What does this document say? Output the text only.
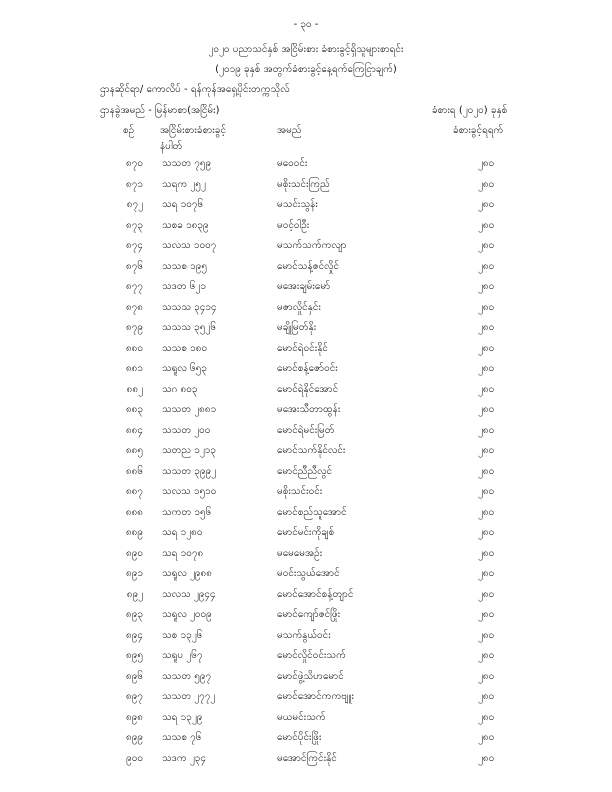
- ၃၀ -
၂၀၂၀ ပညာသင်နှစ် အငြိမ်းစား ခံစားခွင့်ရှိသူများစာရင်း
(၂၀၁၉ ခုနှစ် အတွက်ခံစားခွင့်နေ့ရက်ကြေငြာချက်)
ဌာနဆိုင်ရာ/ ကောလိပ် - ရန်ကုန်အရှေ့ပိုင်းတက္ကသိုလ်
ဌာနခွဲအမည် - မြန်မာစာ(အငြိမ်း)	ခံစားရ (၂၀၂၀) ခုနှစ်
စဉ်	အငြိမ်းစားခံစားခွင့်
နံပါတ်
အမည်	ခံစားခွင့်ရရက်
၈၇၀ သသတ ၇၅၉	မဝေဝင်း	၂၈၀
၈၇၁ သရက ၂၅၂	မစိုးသင်းကြည်	၂၈၀
၈၇၂ သရ ၁၀၇၆	မသင်းသွန်း	၂၈၀
၈၇၃ သစခ ၁၈၃၉	မဝင့်ဝါဦး	၂၈၀
၈၇၄ သလသ ၁၀၀၇	မသက်သက်ကလျာ	၂၈၀
၈၇၆ သသစ ၁၉၅	မောင်သန့်ဇင်လှိုင်	၂၈၀
၈၇၇ သဒတ ၆၂၁	မအေးချမ်းမော်	၂၈၀
၈၇၈ သသသ ၃၄၁၄	မဇာလှိုင်နှင်း	၂၈၀
၈၇၉ သသသ ၃၅၂၆	မချိုမြတ်နိုး	၂၈၀
၈၈၀ သသစ ၁၈၀	မောင်ရဲဝင်းနိုင်	၂၈၀
၈၈၁ သရူလ ၆၅၃	မောင်စန့်ဇော်ဝင်း	၂၈၀
၈၈၂ သဂ ၈၀၃	မောင်ရဲနိုင်အောင်	၂၈၀
၈၈၃ သသတ ၂၈၈၁	မအေးသီတာထွန်း	၂၈၀
၈၈၄ သသတ ၂၀၀	မောင်ရဲမင်းမြတ်	၂၈၀
၈၈၅ သတည ၁၂၁၃	မောင်သက်နိုင်လင်း	၂၈၀
၈၈၆ သသတ ၃၉၉၂	မောင်ညီညီလွင်	၂၈၀
၈၈၇ သလသ ၁၅၁၀	မစိုးသင်းဝင်း	၂၈၀
၈၈၈ သကတ ၁၅၆	မောင်စည်သူအောင်	၂၈၀
၈၈၉ သရ ၁၂၈၀	မောင်မင်းကိုချစ်	၂၈၀
၈၉၀ သရ ၁၀၇၈	မမေမေအဉ်း	၂၈၀
၈၉၁ သရူလ ၂၉၈၈	မဝင်းသွယ်အောင်	၂၈၀
၈၉၂ သလသ ၂၉၄၄	မောင်အောင်စန့်တျာင်	၂၈၀
၈၉၃ သရူလ ၂၀၀၉	မောင်ကျော်ဇင်ဖြိုး	၂၈၀
၈၉၄ သစ ၁၃၂၆	မသက်နွယ်ဝင်း	၂၈၀
၈၉၅ သရူပ ၂၆၇	မောင်လှိုင်ဝင်းသက်	၂၈၀
၈၉၆ သသတ ၅၉၇	မောင်ဖွဲ့သိဟမောင်	၂၈၀
၈၉၇ သသတ ၂၇၇၂	မောင်အောင်ကကဗျူး	၂၈၀
၈၉၈ သရ ၁၃၂၉	မယမင်းသက်	၂၈၀
၈၉၉ သသစ ၇၆	မောင်ပိုင်းဖြိုး	၂၈၀
၉၀၀ သဒက ၂၃၄	မအောင်ကြင်းနိုင်	၂၈၀
